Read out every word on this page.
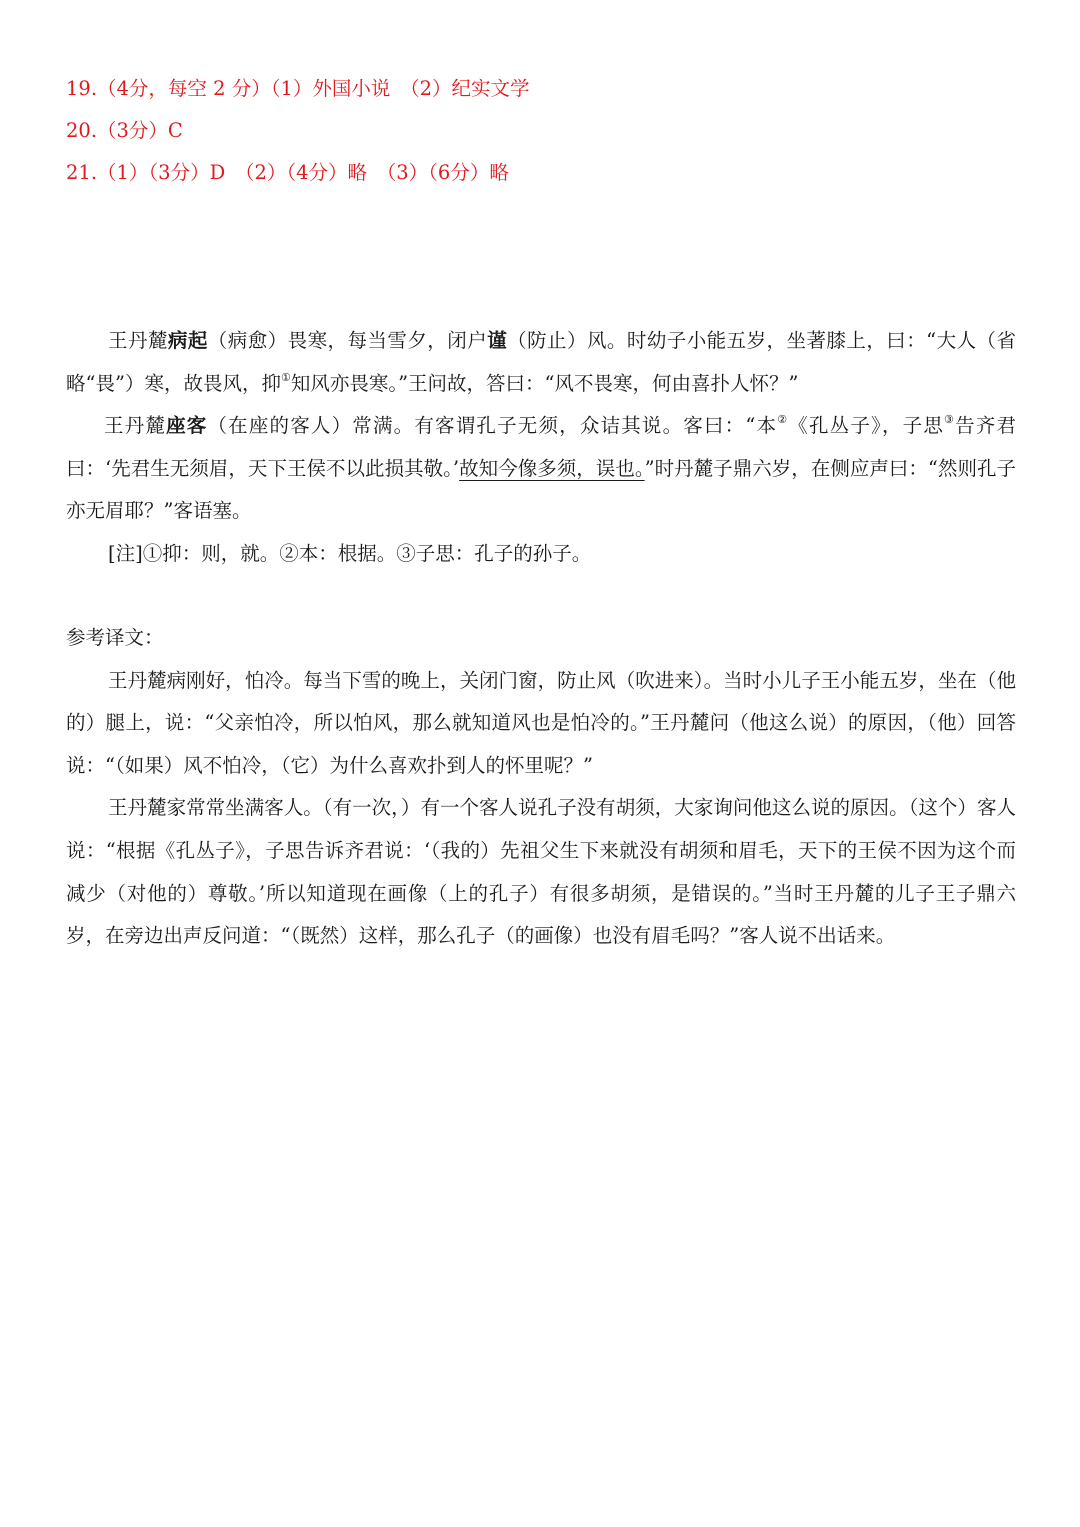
19.（4分，每空 2 分）（1）外国小说　（2）纪实文学
20.（3分）C
21.（1）（3分）D　（2）（4分）略　（3）（6分）略

王丹麓病起（病愈）畏寒，每当雪夕，闭户谨（防止）风。时幼子小能五岁，坐著膝上，曰：“大人（省略“畏”）寒，故畏风，抑①知风亦畏寒。”王问故，答曰：“风不畏寒，何由喜扑人怀？”

王丹麓座客（在座的客人）常满。有客谓孔子无须，众诘其说。客曰：“本②《孔丛子》，子思③告齐君曰：‘先君生无须眉，天下王侯不以此损其敬。’故知今像多须，误也。”时丹麓子鼎六岁，在侧应声曰：“然则孔子亦无眉耶？”客语塞。

[注]①抑：则，就。②本：根据。③子思：孔子的孙子。

参考译文：

王丹麓病刚好，怕冷。每当下雪的晚上，关闭门窗，防止风（吹进来）。当时小儿子王小能五岁，坐在（他的）腿上，说：“父亲怕冷，所以怕风，那么就知道风也是怕冷的。”王丹麓问（他这么说）的原因，（他）回答说：“（如果）风不怕冷，（它）为什么喜欢扑到人的怀里呢？”

王丹麓家常常坐满客人。（有一次，）有一个客人说孔子没有胡须，大家询问他这么说的原因。（这个）客人说：“根据《孔丛子》，子思告诉齐君说：‘（我的）先祖父生下来就没有胡须和眉毛，天下的王侯不因为这个而减少（对他的）尊敬。’所以知道现在画像（上的孔子）有很多胡须，是错误的。”当时王丹麓的儿子王子鼎六岁，在旁边出声反问道：“（既然）这样，那么孔子（的画像）也没有眉毛吗？”客人说不出话来。
